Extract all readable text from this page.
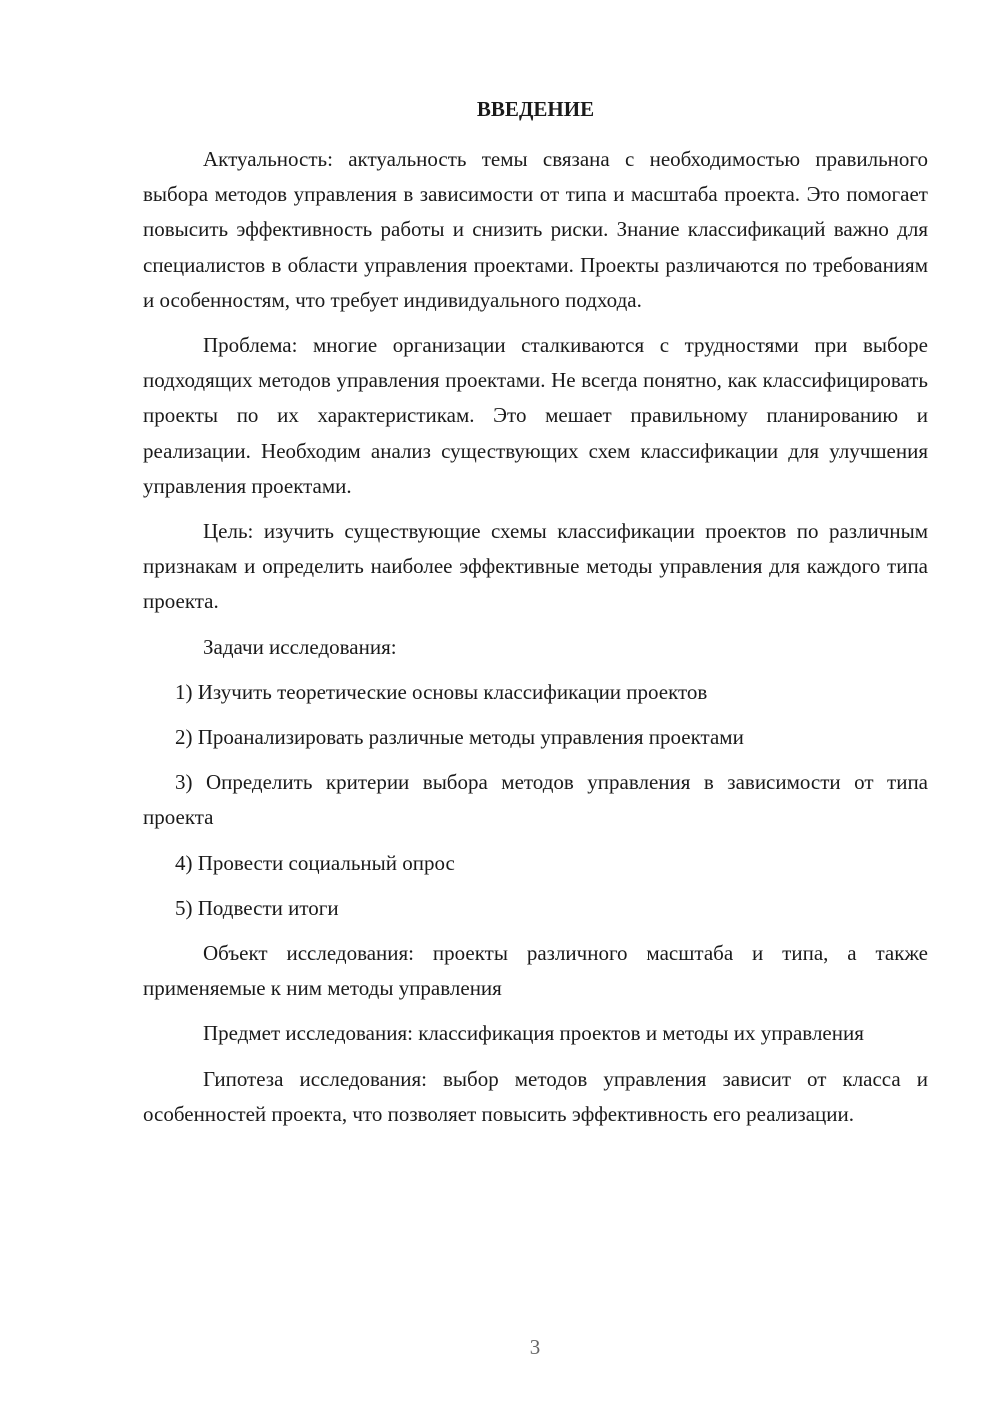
ВВЕДЕНИЕ

Актуальность: актуальность темы связана с необходимостью правильного выбора методов управления в зависимости от типа и масштаба проекта. Это помогает повысить эффективность работы и снизить риски. Знание классификаций важно для специалистов в области управления проектами. Проекты различаются по требованиям и особенностям, что требует индивидуального подхода.

Проблема: многие организации сталкиваются с трудностями при выборе подходящих методов управления проектами. Не всегда понятно, как классифицировать проекты по их характеристикам. Это мешает правильному планированию и реализации. Необходим анализ существующих схем классификации для улучшения управления проектами.

Цель: изучить существующие схемы классификации проектов по различным признакам и определить наиболее эффективные методы управления для каждого типа проекта.

Задачи исследования:

1) Изучить теоретические основы классификации проектов
2) Проанализировать различные методы управления проектами
3) Определить критерии выбора методов управления в зависимости от типа проекта
4) Провести социальный опрос
5) Подвести итоги

Объект исследования: проекты различного масштаба и типа, а также применяемые к ним методы управления

Предмет исследования: классификация проектов и методы их управления

Гипотеза исследования: выбор методов управления зависит от класса и особенностей проекта, что позволяет повысить эффективность его реализации.

3
